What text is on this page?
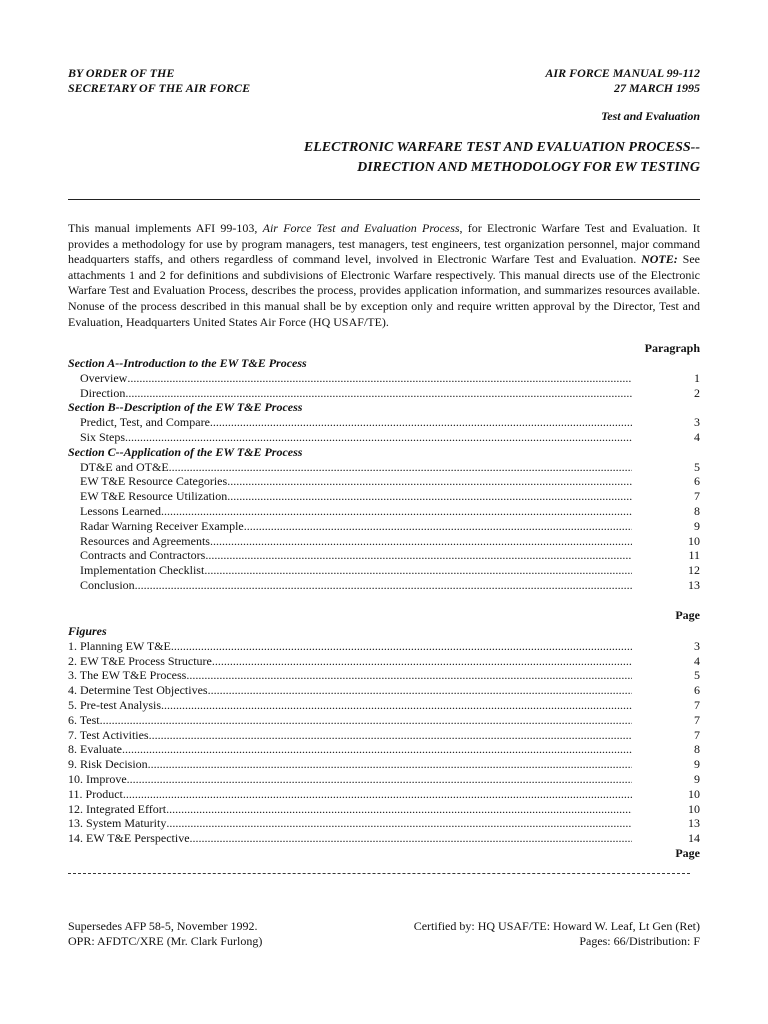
BY ORDER OF THE
SECRETARY OF THE AIR FORCE
AIR FORCE MANUAL 99-112
27 MARCH 1995
Test and Evaluation
ELECTRONIC WARFARE TEST AND EVALUATION PROCESS--
DIRECTION AND METHODOLOGY FOR EW TESTING
This manual implements AFI 99-103, Air Force Test and Evaluation Process, for Electronic Warfare Test and Evaluation. It provides a methodology for use by program managers, test managers, test engineers, test organization personnel, major command headquarters staffs, and others regardless of command level, involved in Electronic Warfare Test and Evaluation. NOTE: See attachments 1 and 2 for definitions and subdivisions of Electronic Warfare respectively. This manual directs use of the Electronic Warfare Test and Evaluation Process, describes the process, provides application information, and summarizes resources available. Nonuse of the process described in this manual shall be by exception only and require written approval by the Director, Test and Evaluation, Headquarters United States Air Force (HQ USAF/TE).
Paragraph
Section A--Introduction to the EW T&E Process
Overview .....	1
Direction .....	2
Section B--Description of the EW T&E Process
Predict, Test, and Compare .....	3
Six Steps .....	4
Section C--Application of the EW T&E Process
DT&E and OT&E .....	5
EW T&E Resource Categories .....	6
EW T&E Resource Utilization .....	7
Lessons Learned .....	8
Radar Warning Receiver Example .....	9
Resources and Agreements .....	10
Contracts and Contractors .....	11
Implementation Checklist .....	12
Conclusion .....	13
Page
Figures
1. Planning EW T&E .....	3
2. EW T&E Process Structure .....	4
3. The EW T&E Process .....	5
4. Determine Test Objectives .....	6
5. Pre-test Analysis .....	7
6. Test .....	7
7. Test Activities .....	7
8. Evaluate .....	8
9. Risk Decision .....	9
10. Improve .....	9
11. Product .....	10
12. Integrated Effort .....	10
13. System Maturity .....	13
14. EW T&E Perspective .....	14
Page
Supersedes AFP 58-5, November 1992.
OPR: AFDTC/XRE (Mr. Clark Furlong)
Certified by: HQ USAF/TE: Howard W. Leaf, Lt Gen (Ret)
Pages: 66/Distribution: F
